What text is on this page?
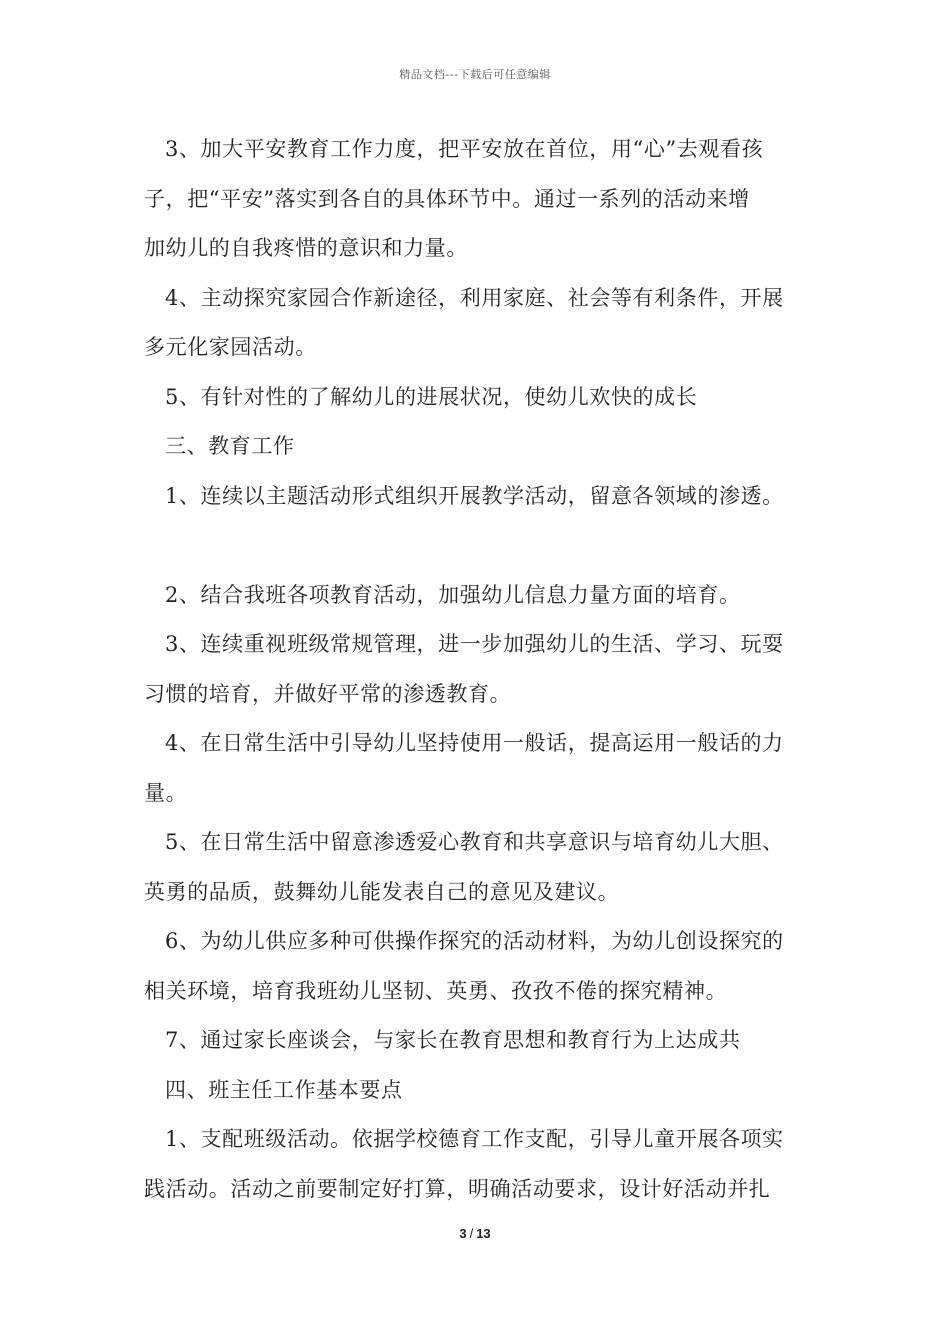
精品文档---下载后可任意编辑
3、加大平安教育工作力度，把平安放在首位，用“心”去观看孩
子，把“平安”落实到各自的具体环节中。通过一系列的活动来增
加幼儿的自我疼惜的意识和力量。
4、主动探究家园合作新途径，利用家庭、社会等有利条件，开展
多元化家园活动。
5、有针对性的了解幼儿的进展状况，使幼儿欢快的成长
三、教育工作
1、连续以主题活动形式组织开展教学活动，留意各领域的渗透。
2、结合我班各项教育活动，加强幼儿信息力量方面的培育。
3、连续重视班级常规管理，进一步加强幼儿的生活、学习、玩耍
习惯的培育，并做好平常的渗透教育。
4、在日常生活中引导幼儿坚持使用一般话，提高运用一般话的力
量。
5、在日常生活中留意渗透爱心教育和共享意识与培育幼儿大胆、
英勇的品质，鼓舞幼儿能发表自己的意见及建议。
6、为幼儿供应多种可供操作探究的活动材料，为幼儿创设探究的
相关环境，培育我班幼儿坚韧、英勇、孜孜不倦的探究精神。
7、通过家长座谈会，与家长在教育思想和教育行为上达成共
四、班主任工作基本要点
1、支配班级活动。依据学校德育工作支配，引导儿童开展各项实
践活动。活动之前要制定好打算，明确活动要求，设计好活动并扎
3 / 13
